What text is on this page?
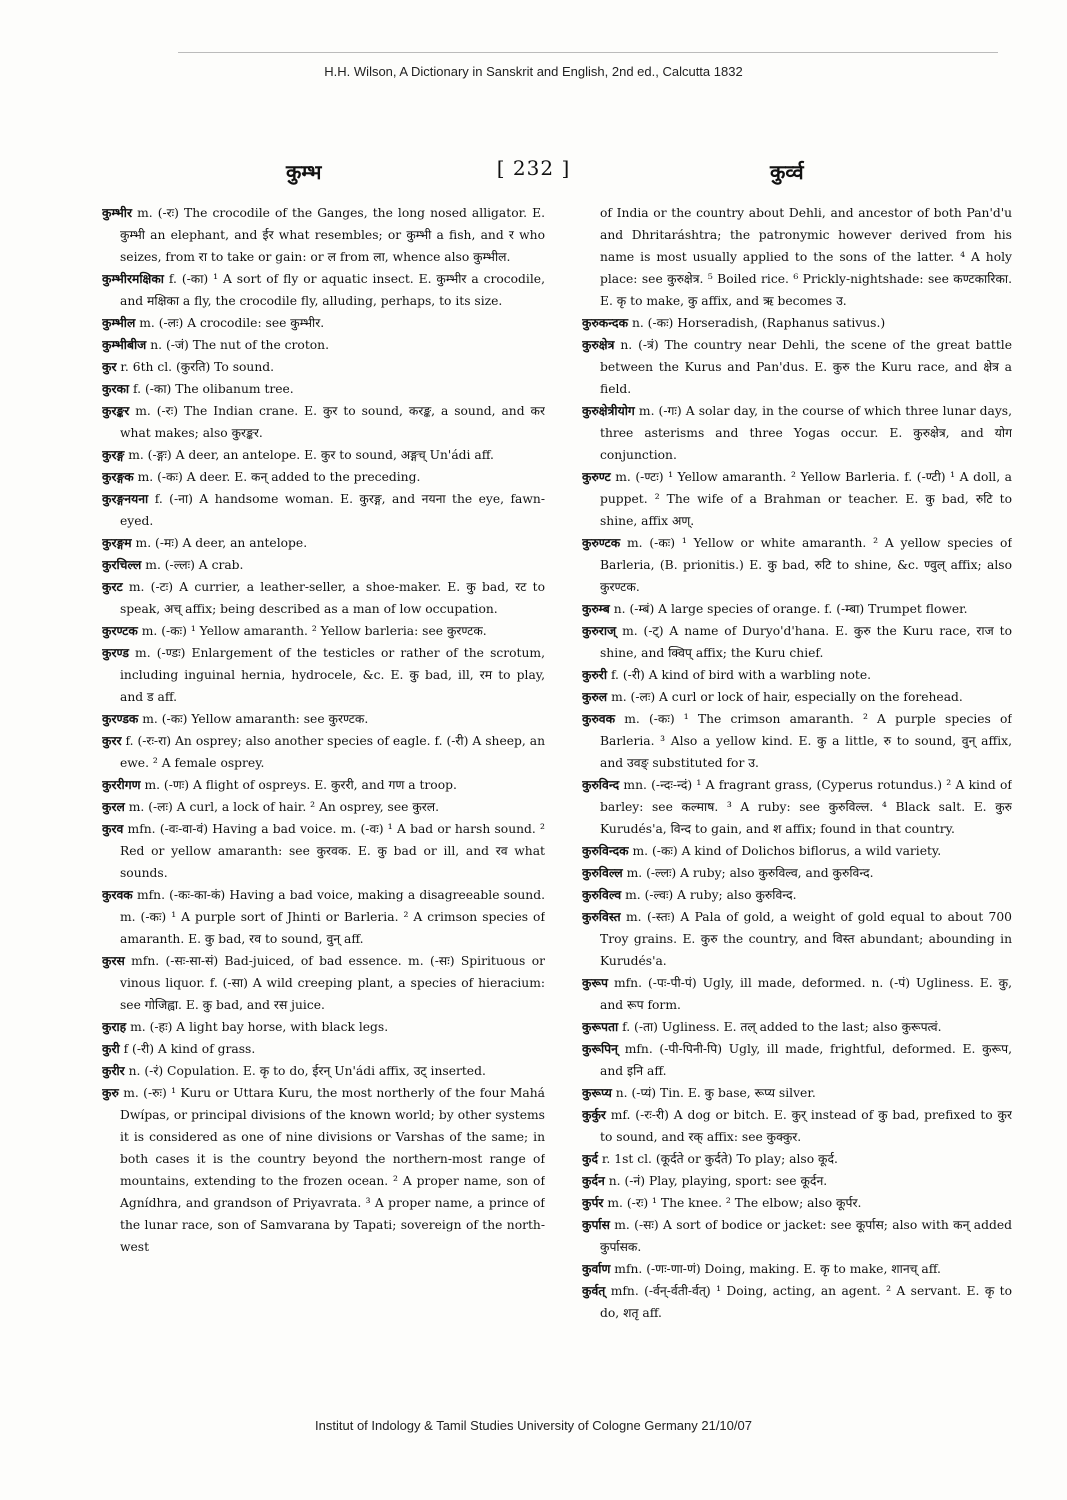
H.H. Wilson, A Dictionary in Sanskrit and English, 2nd ed., Calcutta 1832
कुम्भ	[ 232 ]	कुर्व्व

कुम्भीर m. (-रः) The crocodile of the Ganges, the long nosed alligator. E. कुम्भी an elephant, and ईर what resembles; or कुम्भी a fish, and र who seizes, from रा to take or gain: or ल from ला, whence also कुम्भील.

कुम्भीरमक्षिका f. (-का) ¹ A sort of fly or aquatic insect. E. कुम्भीर a crocodile, and मक्षिका a fly, the crocodile fly, alluding, perhaps, to its size.

कुम्भील m. (-लः) A crocodile: see कुम्भीर.

कुम्भीबीज n. (-जं) The nut of the croton.

कुर r. 6th cl. (कुरति) To sound.

कुरका f. (-का) The olibanum tree.

कुरङ्कर m. (-रः) The Indian crane. E. कुर to sound, करङ्क, a sound, and कर what makes; also कुरङ्कर.

कुरङ्ग m. (-ङ्गः) A deer, an antelope. E. कुर to sound, अङ्गच् Un'ádi aff.

कुरङ्गक m. (-कः) A deer. E. कन् added to the preceding.

कुरङ्गनयना f. (-ना) A handsome woman. E. कुरङ्ग, and नयना the eye, fawn-eyed.

कुरङ्गम m. (-मः) A deer, an antelope.

कुरचिल्ल m. (-ल्लः) A crab.

कुरट m. (-टः) A currier, a leather-seller, a shoe-maker. E. कु bad, रट to speak, अच् affix; being described as a man of low occupation.

कुरण्टक m. (-कः) ¹ Yellow amaranth. ² Yellow barleria: see कुरण्टक.

कुरण्ड m. (-ण्डः) Enlargement of the testicles or rather of the scrotum, including inguinal hernia, hydrocele, &c. E. कु bad, ill, रम to play, and ड aff.

कुरण्डक m. (-कः) Yellow amaranth: see कुरण्टक.

कुरर f. (-रः-रा) An osprey; also another species of eagle. f. (-री) A sheep, an ewe. ² A female osprey.

कुररीगण m. (-णः) A flight of ospreys. E. कुररी, and गण a troop.

कुरल m. (-लः) A curl, a lock of hair. ² An osprey, see कुरल.

कुरव mfn. (-वः-वा-वं) Having a bad voice. m. (-वः) ¹ A bad or harsh sound. ² Red or yellow amaranth: see कुरवक. E. कु bad or ill, and रव what sounds.

कुरवक mfn. (-कः-का-कं) Having a bad voice, making a disagreeable sound. m. (-कः) ¹ A purple sort of Jhinti or Barleria. ² A crimson species of amaranth. E. कु bad, रव to sound, वुन् aff.

कुरस mfn. (-सः-सा-सं) Bad-juiced, of bad essence. m. (-सः) Spirituous or vinous liquor. f. (-सा) A wild creeping plant, a species of hieracium: see गोजिह्वा. E. कु bad, and रस juice.

कुराह m. (-हः) A light bay horse, with black legs.

कुरी f (-री) A kind of grass.

कुरीर n. (-रं) Copulation. E. कृ to do, ईरन् Un'ádi affix, उट् inserted.

कुरु m. (-रुः) ¹ Kuru or Uttara Kuru, the most northerly of the four Mahá Dwípas, or principal divisions of the known world; by other systems it is considered as one of nine divisions or Varshas of the same; in both cases it is the country beyond the northern-most range of mountains, extending to the frozen ocean. ² A proper name, son of Agnídhra, and grandson of Priyavrata. ³ A proper name, a prince of the lunar race, son of Samvarana by Tapati; sovereign of the north-west

of India or the country about Dehli, and ancestor of both Pan'd'u and Dhritaráshtra; the patronymic however derived from his name is most usually applied to the sons of the latter. ⁴ A holy place: see कुरुक्षेत्र. ⁵ Boiled rice. ⁶ Prickly-nightshade: see कण्टकारिका. E. कृ to make, कु affix, and ऋ becomes उ.

कुरुकन्दक n. (-कः) Horseradish, (Raphanus sativus.)

कुरुक्षेत्र n. (-त्रं) The country near Dehli, the scene of the great battle between the Kurus and Pan'dus. E. कुरु the Kuru race, and क्षेत्र a field.

कुरुक्षेत्रीयोग m. (-गः) A solar day, in the course of which three lunar days, three asterisms and three Yogas occur. E. कुरुक्षेत्र, and योग conjunction.

कुरुण्ट m. (-ण्टः) ¹ Yellow amaranth. ² Yellow Barleria. f. (-ण्टी) ¹ A doll, a puppet. ² The wife of a Brahman or teacher. E. कु bad, रुटि to shine, affix अण्.

कुरुण्टक m. (-कः) ¹ Yellow or white amaranth. ² A yellow species of Barleria, (B. prionitis.) E. कु bad, रुटि to shine, &c. ण्वुल् affix; also कुरण्टक.

कुरुम्ब n. (-म्बं) A large species of orange. f. (-म्बा) Trumpet flower.

कुरुराज् m. (-ट्) A name of Duryo'd'hana. E. कुरु the Kuru race, राज to shine, and क्विप् affix; the Kuru chief.

कुरुरी f. (-री) A kind of bird with a warbling note.

कुरुल m. (-लः) A curl or lock of hair, especially on the forehead.

कुरुवक m. (-कः) ¹ The crimson amaranth. ² A purple species of Barleria. ³ Also a yellow kind. E. कु a little, रु to sound, वुन् affix, and उवङ् substituted for उ.

कुरुविन्द mn. (-न्दः-न्दं) ¹ A fragrant grass, (Cyperus rotundus.) ² A kind of barley: see कल्माष. ³ A ruby: see कुरुविल्ल. ⁴ Black salt. E. कुरु Kurudés'a, विन्द to gain, and श affix; found in that country.

कुरुविन्दक m. (-कः) A kind of Dolichos biflorus, a wild variety.

कुरुविल्ल m. (-ल्लः) A ruby; also कुरुविल्व, and कुरुविन्द.

कुरुविल्व m. (-ल्वः) A ruby; also कुरुविन्द.

कुरुविस्त m. (-स्तः) A Pala of gold, a weight of gold equal to about 700 Troy grains. E. कुरु the country, and विस्त abundant; abounding in Kurudés'a.

कुरूप mfn. (-पः-पी-पं) Ugly, ill made, deformed. n. (-पं) Ugliness. E. कु, and रूप form.

कुरूपता f. (-ता) Ugliness. E. तल् added to the last; also कुरूपत्वं.

कुरूपिन् mfn. (-पी-पिनी-पि) Ugly, ill made, frightful, deformed. E. कुरूप, and इनि aff.

कुरूप्य n. (-प्यं) Tin. E. कु base, रूप्य silver.

कुर्कुर mf. (-रः-री) A dog or bitch. E. कुर् instead of कु bad, prefixed to कुर to sound, and रक् affix: see कुक्कुर.

कुर्द r. 1st cl. (कूर्दते or कुर्दते) To play; also कूर्द.

कुर्दन n. (-नं) Play, playing, sport: see कूर्दन.

कुर्पर m. (-रः) ¹ The knee. ² The elbow; also कूर्पर.

कुर्पास m. (-सः) A sort of bodice or jacket: see कूर्पास; also with कन् added कुर्पासक.

कुर्वाण mfn. (-णः-णा-णं) Doing, making. E. कृ to make, शानच् aff.

कुर्वत् mfn. (-र्वन्-र्वती-र्वत्) ¹ Doing, acting, an agent. ² A servant. E. कृ to do, शतृ aff.

Institut of Indology & Tamil Studies University of Cologne Germany 21/10/07
